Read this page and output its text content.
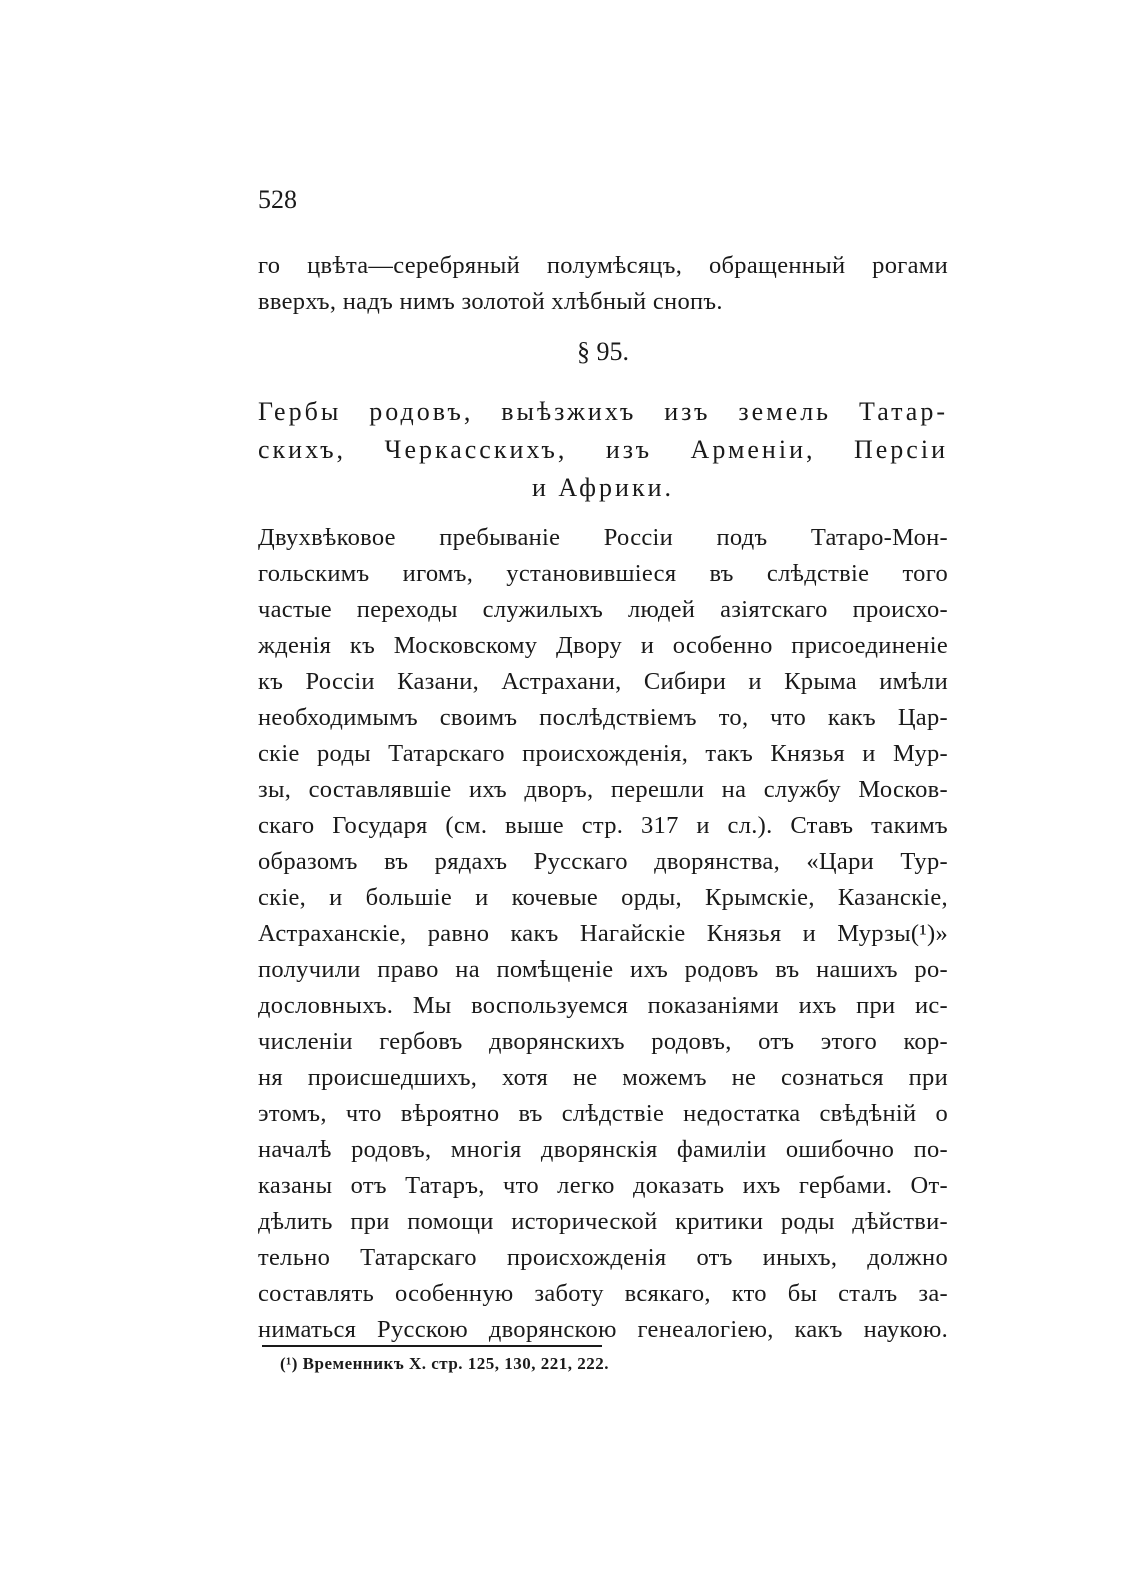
528
го цвѣта—серебряный полумѣсяцъ, обращенный рогами
вверхъ, надъ нимъ золотой хлѣбный снопъ.
§ 95.
Гербы родовъ, выѣзжихъ изъ земель Татар-
скихъ, Черкасскихъ, изъ Арменіи, Персіи
и Африки.
Двухвѣковое пребываніе Россіи подъ Татаро-Мон-
гольскимъ игомъ, установившіеся въ слѣдствіе того
частые переходы служилыхъ людей азіятскаго происхо-
жденія къ Московскому Двору и особенно присоединеніе
къ Россіи Казани, Астрахани, Сибири и Крыма имѣли
необходимымъ своимъ послѣдствіемъ то, что какъ Цар-
скіе роды Татарскаго происхожденія, такъ Князья и Мур-
зы, составлявшіе ихъ дворъ, перешли на службу Москов-
скаго Государя (см. выше стр. 317 и сл.). Ставъ такимъ
образомъ въ рядахъ Русскаго дворянства, «Цари Тур-
скіе, и большіе и кочевые орды, Крымскіе, Казанскіе,
Астраханскіе, равно какъ Нагайскіе Князья и Мурзы(¹)»
получили право на помѣщеніе ихъ родовъ въ нашихъ ро-
дословныхъ. Мы воспользуемся показаніями ихъ при ис-
численіи гербовъ дворянскихъ родовъ, отъ этого кор-
ня происшедшихъ, хотя не можемъ не сознаться при
этомъ, что вѣроятно въ слѣдствіе недостатка свѣдѣній о
началѣ родовъ, многія дворянскія фамиліи ошибочно по-
казаны отъ Татаръ, что легко доказать ихъ гербами. От-
дѣлить при помощи исторической критики роды дѣйстви-
тельно Татарскаго происхожденія отъ иныхъ, должно
составлять особенную заботу всякаго, кто бы сталъ за-
ниматься Русскою дворянскою генеалогіею, какъ наукою.
(¹) Временникъ X. стр. 125, 130, 221, 222.
